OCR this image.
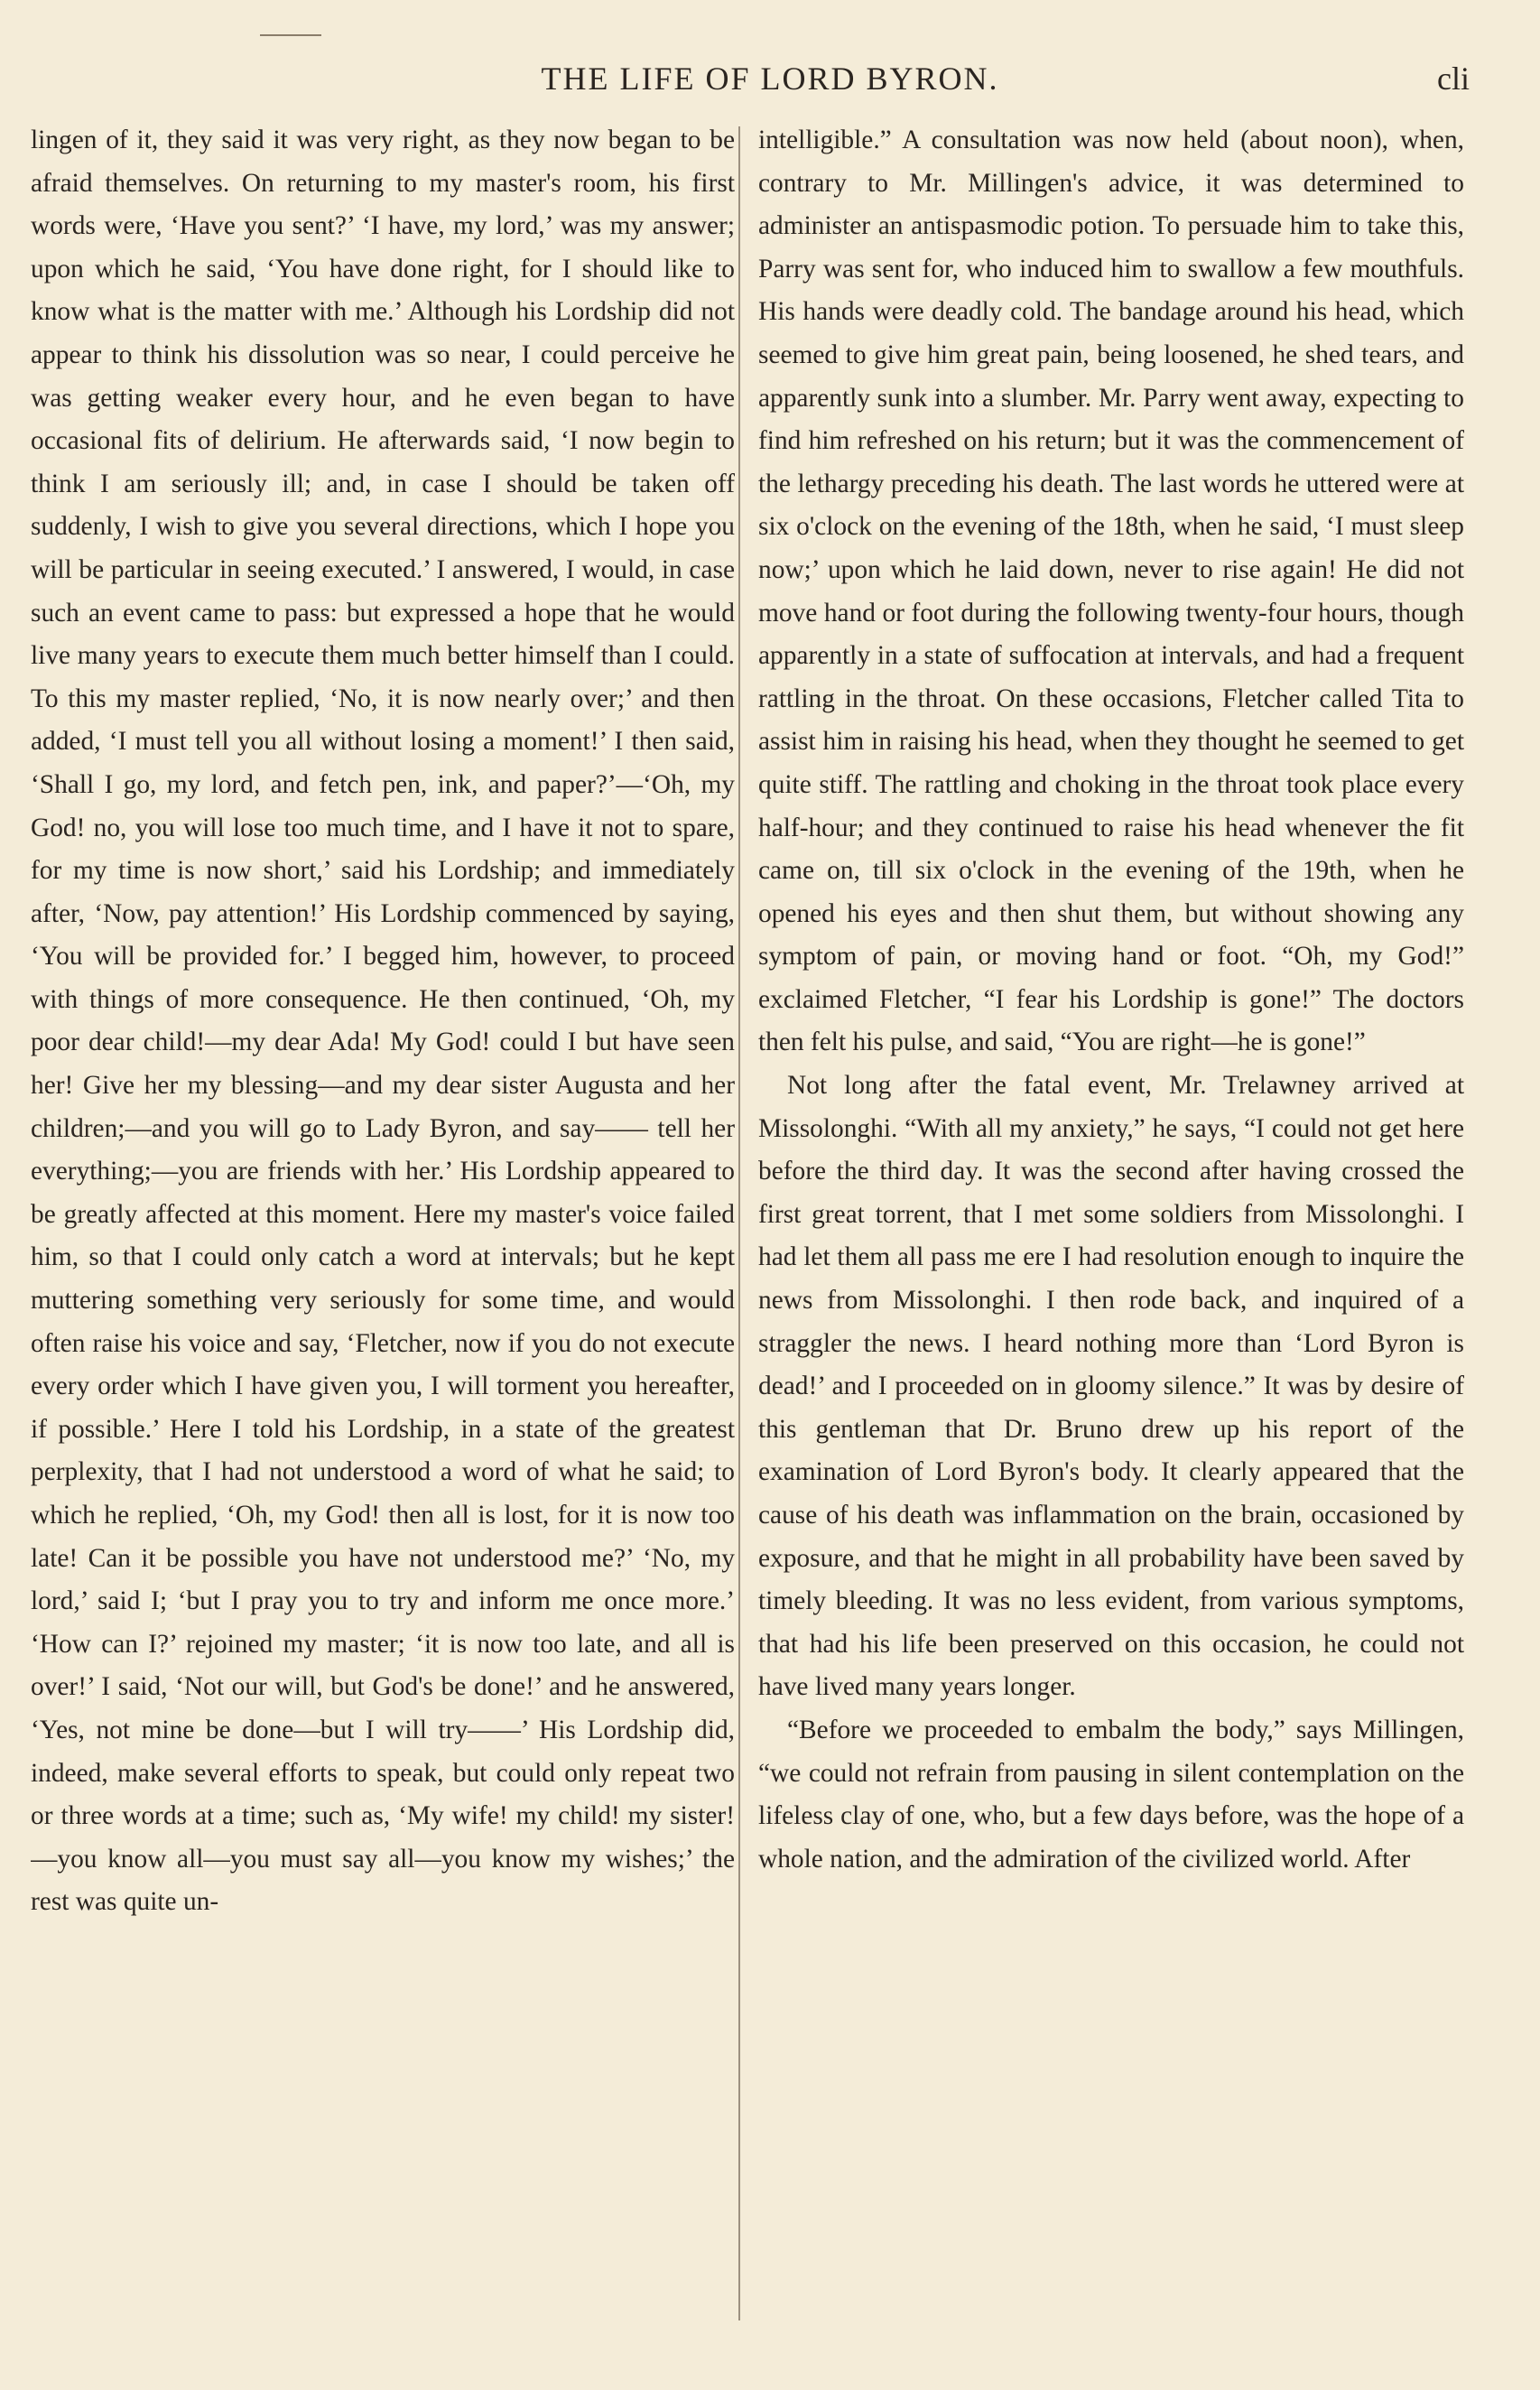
THE LIFE OF LORD BYRON.	cli

lingen of it, they said it was very right, as they now began to be afraid themselves. On returning to my master's room, his first words were, ‘Have you sent?’ ‘I have, my lord,’ was my answer; upon which he said, ‘You have done right, for I should like to know what is the matter with me.’ Although his Lordship did not appear to think his dissolution was so near, I could perceive he was getting weaker every hour, and he even began to have occasional fits of delirium. He afterwards said, ‘I now begin to think I am seriously ill; and, in case I should be taken off suddenly, I wish to give you several directions, which I hope you will be particular in seeing executed.’ I answered, I would, in case such an event came to pass: but expressed a hope that he would live many years to execute them much better himself than I could. To this my master replied, ‘No, it is now nearly over;’ and then added, ‘I must tell you all without losing a moment!’ I then said, ‘Shall I go, my lord, and fetch pen, ink, and paper?’—‘Oh, my God! no, you will lose too much time, and I have it not to spare, for my time is now short,’ said his Lordship; and immediately after, ‘Now, pay attention!’ His Lordship commenced by saying, ‘You will be provided for.’ I begged him, however, to proceed with things of more consequence. He then continued, ‘Oh, my poor dear child!—my dear Ada! My God! could I but have seen her! Give her my blessing—and my dear sister Augusta and her children;—and you will go to Lady Byron, and say—— tell her everything;—you are friends with her.’ His Lordship appeared to be greatly affected at this moment. Here my master's voice failed him, so that I could only catch a word at intervals; but he kept muttering something very seriously for some time, and would often raise his voice and say, ‘Fletcher, now if you do not execute every order which I have given you, I will torment you hereafter, if possible.’ Here I told his Lordship, in a state of the greatest perplexity, that I had not understood a word of what he said; to which he replied, ‘Oh, my God! then all is lost, for it is now too late! Can it be possible you have not understood me?’ ‘No, my lord,’ said I; ‘but I pray you to try and inform me once more.’ ‘How can I?’ rejoined my master; ‘it is now too late, and all is over!’ I said, ‘Not our will, but God's be done!’ and he answered, ‘Yes, not mine be done—but I will try——’ His Lordship did, indeed, make several efforts to speak, but could only repeat two or three words at a time; such as, ‘My wife! my child! my sister!—you know all—you must say all—you know my wishes;’ the rest was quite un-

intelligible.” A consultation was now held (about noon), when, contrary to Mr. Millingen's advice, it was determined to administer an antispasmodic potion. To persuade him to take this, Parry was sent for, who induced him to swallow a few mouthfuls. His hands were deadly cold. The bandage around his head, which seemed to give him great pain, being loosened, he shed tears, and apparently sunk into a slumber. Mr. Parry went away, expecting to find him refreshed on his return; but it was the commencement of the lethargy preceding his death. The last words he uttered were at six o'clock on the evening of the 18th, when he said, ‘I must sleep now;’ upon which he laid down, never to rise again! He did not move hand or foot during the following twenty-four hours, though apparently in a state of suffocation at intervals, and had a frequent rattling in the throat. On these occasions, Fletcher called Tita to assist him in raising his head, when they thought he seemed to get quite stiff. The rattling and choking in the throat took place every half-hour; and they continued to raise his head whenever the fit came on, till six o'clock in the evening of the 19th, when he opened his eyes and then shut them, but without showing any symptom of pain, or moving hand or foot. “Oh, my God!” exclaimed Fletcher, “I fear his Lordship is gone!” The doctors then felt his pulse, and said, “You are right—he is gone!”

Not long after the fatal event, Mr. Trelawney arrived at Missolonghi. “With all my anxiety,” he says, “I could not get here before the third day. It was the second after having crossed the first great torrent, that I met some soldiers from Missolonghi. I had let them all pass me ere I had resolution enough to inquire the news from Missolonghi. I then rode back, and inquired of a straggler the news. I heard nothing more than ‘Lord Byron is dead!’ and I proceeded on in gloomy silence.” It was by desire of this gentleman that Dr. Bruno drew up his report of the examination of Lord Byron's body. It clearly appeared that the cause of his death was inflammation on the brain, occasioned by exposure, and that he might in all probability have been saved by timely bleeding. It was no less evident, from various symptoms, that had his life been preserved on this occasion, he could not have lived many years longer.

“Before we proceeded to embalm the body,” says Millingen, “we could not refrain from pausing in silent contemplation on the lifeless clay of one, who, but a few days before, was the hope of a whole nation, and the admiration of the civilized world. After
